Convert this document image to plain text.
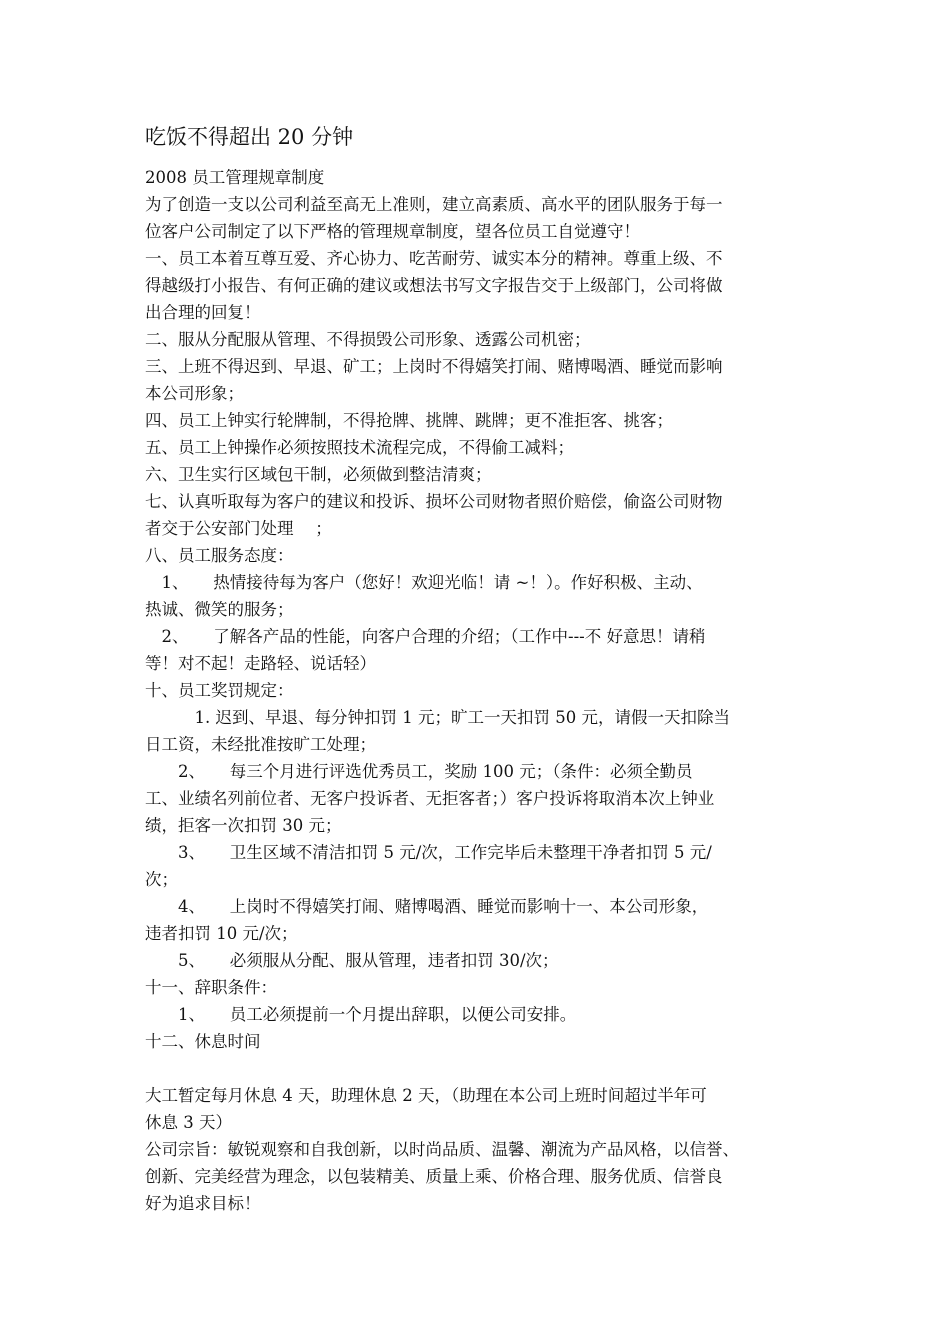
吃饭不得超出 20 分钟
2008 员工管理规章制度
为了创造一支以公司利益至高无上准则，建立高素质、高水平的团队服务于每一
位客户公司制定了以下严格的管理规章制度，望各位员工自觉遵守！
一、员工本着互尊互爱、齐心协力、吃苦耐劳、诚实本分的精神。尊重上级、不
得越级打小报告、有何正确的建议或想法书写文字报告交于上级部门，公司将做
出合理的回复！
二、服从分配服从管理、不得损毁公司形象、透露公司机密；
三、上班不得迟到、早退、矿工；上岗时不得嬉笑打闹、赌博喝酒、睡觉而影响
本公司形象；
四、员工上钟实行轮牌制，不得抢牌、挑牌、跳牌；更不准拒客、挑客；
五、员工上钟操作必须按照技术流程完成，不得偷工减料；
六、卫生实行区域包干制，必须做到整洁清爽；
七、认真听取每为客户的建议和投诉、损坏公司财物者照价赔偿，偷盗公司财物
者交于公安部门处理　 ；
八、员工服务态度：
　1、　　热情接待每为客户（您好！欢迎光临！请 ~！）。作好积极、主动、
热诚、微笑的服务；
　2、　　了解各产品的性能，向客户合理的介绍；（工作中---不 好意思！请稍
等！对不起！走路轻、说话轻）
十、员工奖罚规定：
　　　1. 迟到、早退、每分钟扣罚 1 元；旷工一天扣罚 50 元，请假一天扣除当
日工资，未经批准按旷工处理；
　　2、　　每三个月进行评选优秀员工，奖励 100 元；（条件：必须全勤员
工、业绩名列前位者、无客户投诉者、无拒客者；）客户投诉将取消本次上钟业
绩，拒客一次扣罚 30 元；
　　3、　　卫生区域不清洁扣罚 5 元/次，工作完毕后未整理干净者扣罚 5 元/
次；
　　4、　　上岗时不得嬉笑打闹、赌博喝酒、睡觉而影响十一、本公司形象，
违者扣罚 10 元/次；
　　5、　　必须服从分配、服从管理，违者扣罚 30/次；
十一、辞职条件：
　　1、　　员工必须提前一个月提出辞职，以便公司安排。
十二、休息时间
大工暂定每月休息 4 天，助理休息 2 天，（助理在本公司上班时间超过半年可
休息 3 天）
公司宗旨：敏锐观察和自我创新，以时尚品质、温馨、潮流为产品风格，以信誉、
创新、完美经营为理念，以包装精美、质量上乘、价格合理、服务优质、信誉良
好为追求目标！
